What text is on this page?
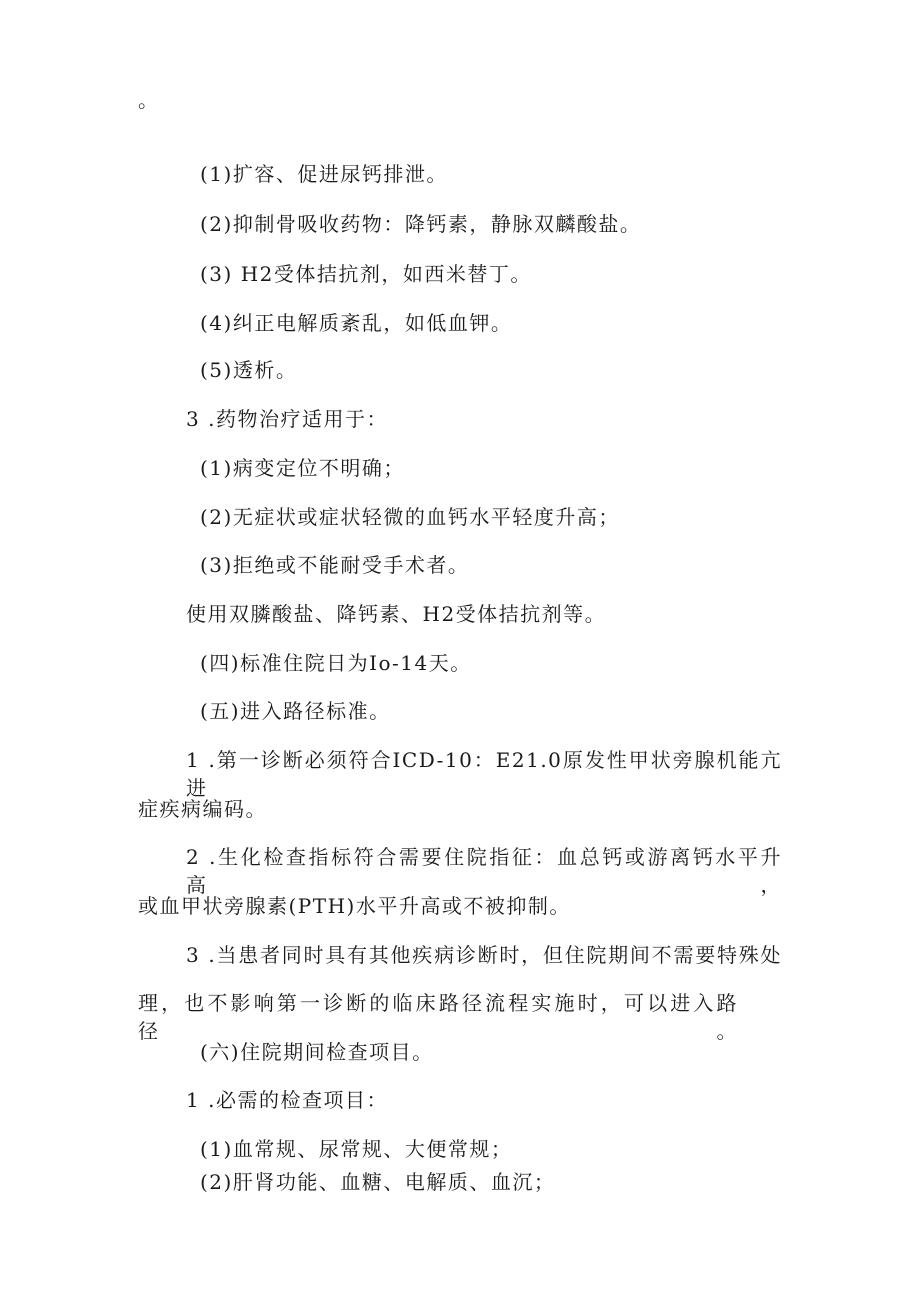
。
(1)扩容、促进尿钙排泄。
(2)抑制骨吸收药物：降钙素，静脉双麟酸盐。
(3) H2受体拮抗剂，如西米替丁。
(4)纠正电解质紊乱，如低血钾。
(5)透析。
3 .药物治疗适用于：
(1)病变定位不明确；
(2)无症状或症状轻微的血钙水平轻度升高；
(3)拒绝或不能耐受手术者。
使用双膦酸盐、降钙素、H2受体拮抗剂等。
(四)标准住院日为Io-14天。
(五)进入路径标准。
1 .第一诊断必须符合ICD-10：E21.0原发性甲状旁腺机能亢进
症疾病编码。
2 .生化检查指标符合需要住院指征：血总钙或游离钙水平升高，
或血甲状旁腺素(PTH)水平升高或不被抑制。
3 .当患者同时具有其他疾病诊断时，但住院期间不需要特殊处
理，也不影响第一诊断的临床路径流程实施时，可以进入路径。
(六)住院期间检查项目。
1 .必需的检查项目：
(1)血常规、尿常规、大便常规；
(2)肝肾功能、血糖、电解质、血沉；
